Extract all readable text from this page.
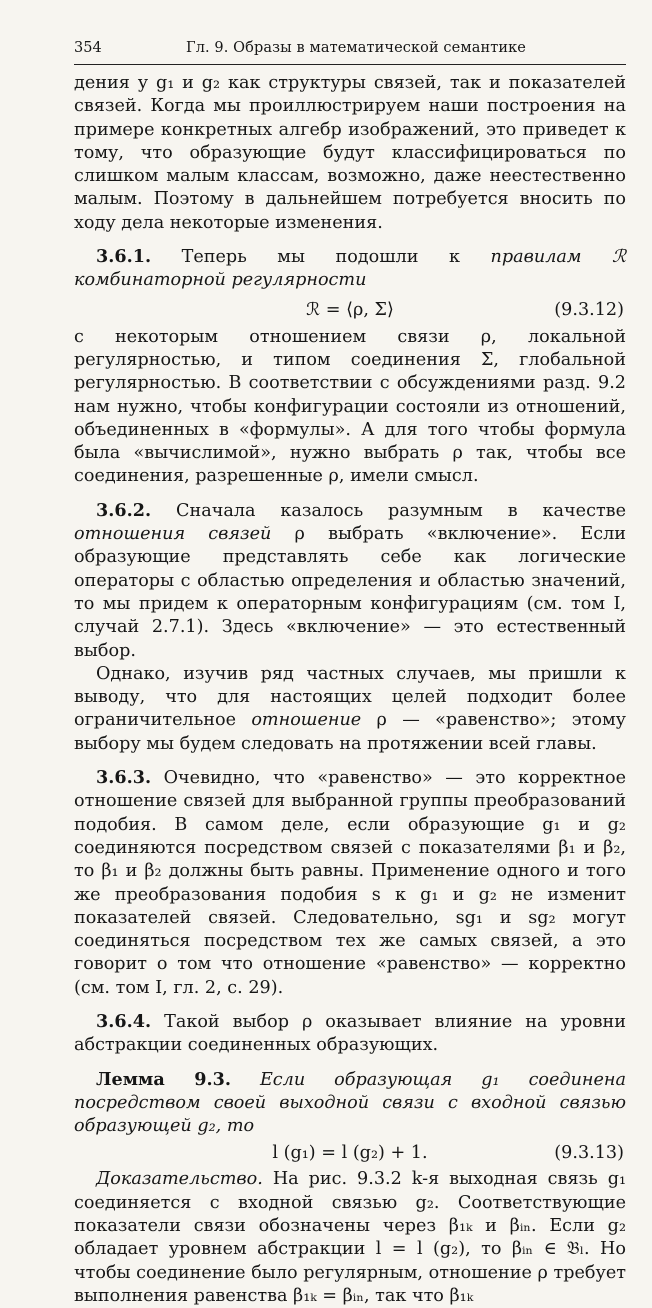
354	Гл. 9. Образы в математической семантике

дения у g₁ и g₂ как структуры связей, так и показателей связей. Когда мы проиллюстрируем наши построения на примере конкретных алгебр изображений, это приведет к тому, что образующие будут классифицироваться по слишком малым классам, возможно, даже неестественно малым. Поэтому в дальнейшем потребуется вносить по ходу дела некоторые изменения.

3.6.1. Теперь мы подошли к правилам ℛ комбинаторной регулярности

ℛ = ⟨ρ, Σ⟩	(9.3.12)

с некоторым отношением связи ρ, локальной регулярностью, и типом соединения Σ, глобальной регулярностью. В соответствии с обсуждениями разд. 9.2 нам нужно, чтобы конфигурации состояли из отношений, объединенных в «формулы». А для того чтобы формула была «вычислимой», нужно выбрать ρ так, чтобы все соединения, разрешенные ρ, имели смысл.

3.6.2. Сначала казалось разумным в качестве отношения связей ρ выбрать «включение». Если образующие представлять себе как логические операторы с областью определения и областью значений, то мы придем к операторным конфигурациям (см. том I, случай 2.7.1). Здесь «включение» — это естественный выбор.

Однако, изучив ряд частных случаев, мы пришли к выводу, что для настоящих целей подходит более ограничительное отношение ρ — «равенство»; этому выбору мы будем следовать на протяжении всей главы.

3.6.3. Очевидно, что «равенство» — это корректное отношение связей для выбранной группы преобразований подобия. В самом деле, если образующие g₁ и g₂ соединяются посредством связей с показателями β₁ и β₂, то β₁ и β₂ должны быть равны. Применение одного и того же преобразования подобия s к g₁ и g₂ не изменит показателей связей. Следовательно, sg₁ и sg₂ могут соединяться посредством тех же самых связей, а это говорит о том что отношение «равенство» — корректно (см. том I, гл. 2, с. 29).

3.6.4. Такой выбор ρ оказывает влияние на уровни абстракции соединенных образующих.

Лемма 9.3. Если образующая g₁ соединена посредством своей выходной связи с входной связью образующей g₂, то

l (g₁) = l (g₂) + 1.	(9.3.13)

Доказательство. На рис. 9.3.2 k-я выходная связь g₁ соединяется с входной связью g₂. Соответствующие показатели связи обозначены через β₁ₖ и βᵢₙ. Если g₂ обладает уровнем абстракции l = l (g₂), то βᵢₙ ∈ 𝔅ₗ. Но чтобы соединение было регулярным, отношение ρ требует выполнения равенства β₁ₖ = βᵢₙ, так что β₁ₖ
